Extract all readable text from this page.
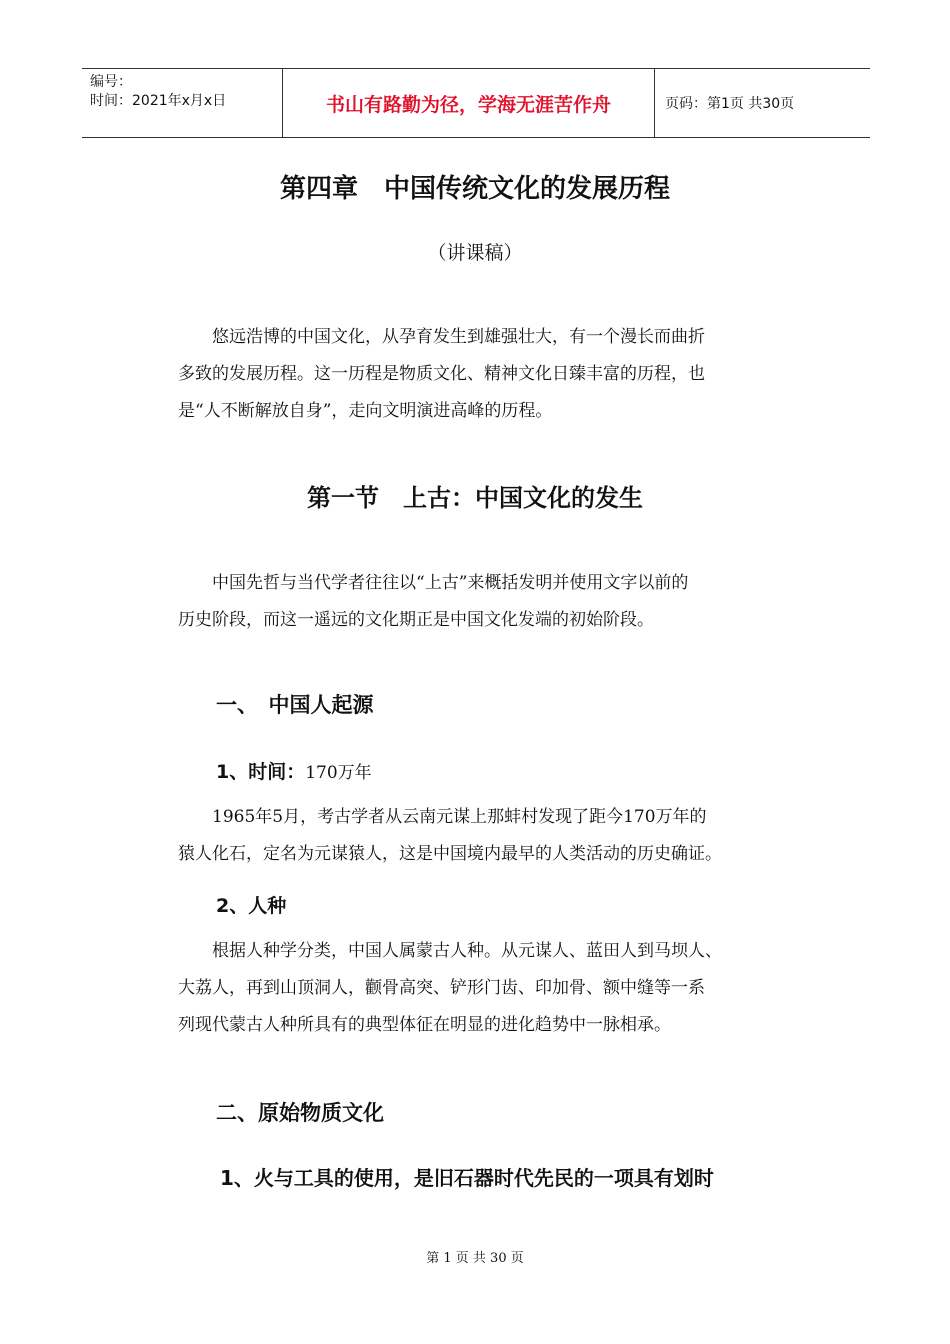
编号：
时间：2021年x月x日	书山有路勤为径，学海无涯苦作舟	页码：第1页 共30页
第四章　中国传统文化的发展历程
（讲课稿）
　　悠远浩博的中国文化，从孕育发生到雄强壮大，有一个漫长而曲折
多致的发展历程。这一历程是物质文化、精神文化日臻丰富的历程，也
是“人不断解放自身”，走向文明演进高峰的历程。
第一节　上古：中国文化的发生
　　中国先哲与当代学者往往以“上古”来概括发明并使用文字以前的
历史阶段，而这一遥远的文化期正是中国文化发端的初始阶段。
一、　中国人起源
1、时间：170万年
　　1965年5月，考古学者从云南元谋上那蚌村发现了距今170万年的
猿人化石，定名为元谋猿人，这是中国境内最早的人类活动的历史确证。
2、人种
　　根据人种学分类，中国人属蒙古人种。从元谋人、蓝田人到马坝人、
大荔人，再到山顶洞人，颧骨高突、铲形门齿、印加骨、额中缝等一系
列现代蒙古人种所具有的典型体征在明显的进化趋势中一脉相承。
二、原始物质文化
1、火与工具的使用，是旧石器时代先民的一项具有划时
第 1 页 共 30 页
